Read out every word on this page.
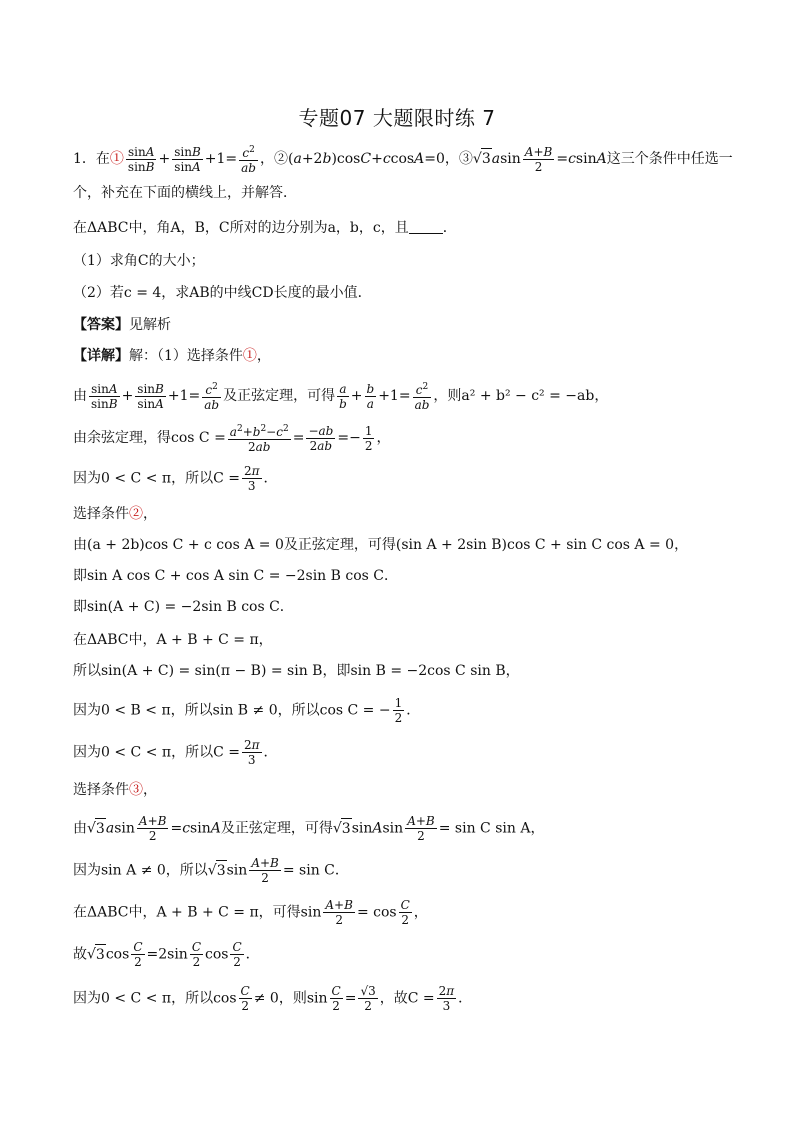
专题07 大题限时练 7
1．在① $\frac{\sin A}{\sin B} + \frac{\sin B}{\sin A} +1= \frac{c^2}{ab}$ ，②(a+2b)cosC+ccosA=0，③√3asin $\frac{A+B}{2} =csinA$这三个条件中任选一
个，补充在下面的横线上，并解答．
在ΔABC中，角A，B，C所对的边分别为a，b，c，且 ．
（1）求角C的大小；
（2）若c = 4，求AB的中线CD长度的最小值．
【答案】见解析
【详解】解：（1）选择条件①，
由 $\frac{\sin A}{\sin B} + \frac{\sin B}{\sin A} +1= \frac{c^2}{ab}$ 及正弦定理，可得 $\frac{a}{b} + \frac{b}{a} +1= \frac{c^2}{ab}$ ，则a² + b² − c² = −ab，
由余弦定理，得$\cos C = \frac{a^2+b^2-c^2}{2ab} = \frac{-ab}{2ab} =- \frac{1}{2}$ ，
因为0 < C < π，所以$C = \frac{2\pi}{3}$ ．
选择条件②，
由(a + 2b)cos C + c cos A = 0及正弦定理，可得(sin A + 2sin B)cos C + sin C cos A = 0，
即sin A cos C + cos A sin C = −2sin B cos C．
即sin(A + C) = −2sin B cos C．
在ΔABC中，A + B + C = π，
所以sin(A + C) = sin(π − B) = sin B，即sin B = −2cos C sin B，
因为0 < B < π，所以sin B ≠ 0，所以cos C = − $\frac{1}{2}$ ．
因为0 < C < π，所以$C = \frac{2\pi}{3}$ ．
选择条件③，
由$√3asin \frac{A+B}{2} =csinA$及正弦定理，可得√3sinAsin $\frac{A+B}{2} = \sin C$ sin A，
因为sin A ≠ 0，所以$√3\sin \frac{A+B}{2} = \sin C$．
在ΔABC中，A + B + C = π，可得$\sin \frac{A+B}{2} = \cos \frac{C}{2}$ ，
故$√3\cos \frac{C}{2} =2\sin \frac{C}{2}$ $\cos \frac{C}{2}$ ．
因为0 < C < π，所以$\cos \frac{C}{2} \ne 0$，则$\sin \frac{C}{2} = \frac{√3}{2}$ ，故$C = \frac{2\pi}{3}$ ．
